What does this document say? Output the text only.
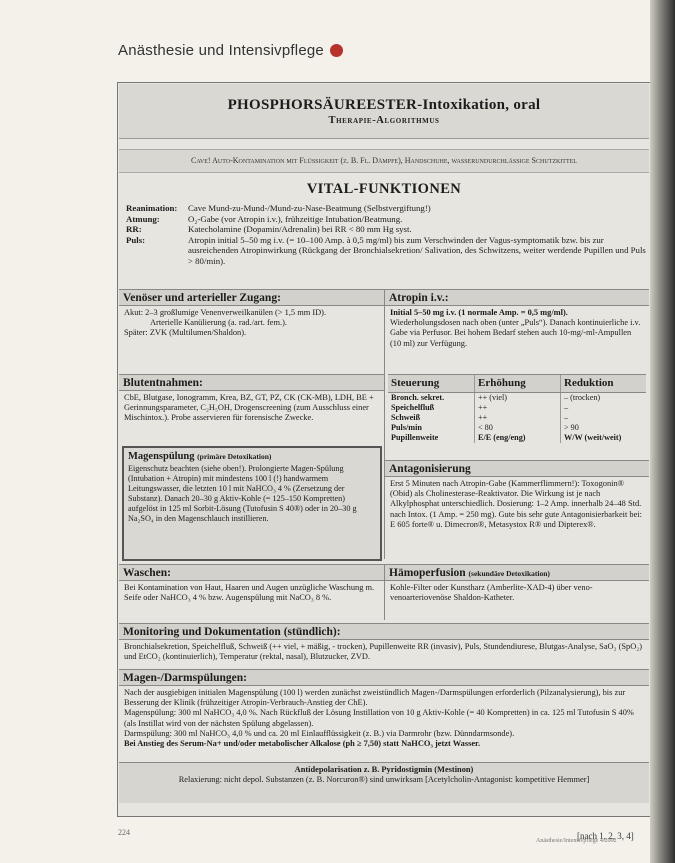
Anästhesie und Intensivpflege
PHOSPHORSÄUREESTER-Intoxikation, oral
Therapie-Algorithmus
Cave! Auto-Kontamination mit Flüssigkeit (z. B. Fl. Dämpfe), Handschuhe, wasserundurchlässige Schutzkittel
VITAL-FUNKTIONEN
Reanimation:	Cave Mund-zu-Mund-/Mund-zu-Nase-Beatmung (Selbstvergiftung!)
Atmung:	O₂-Gabe (vor Atropin i.v.), frühzeitige Intubation/Beatmung.
RR:	Katecholamine (Dopamin/Adrenalin) bei RR < 80 mm Hg syst.
Puls:	Atropin initial 5–50 mg i.v. (= 10–100 Amp. à 0,5 mg/ml) bis zum Verschwinden der Vagus-symptomatik bzw. bis zur ausreichenden Atropinwirkung (Rückgang der Bronchialsekretion/ Salivation, des Schwitzens, weiter werdende Pupillen und Puls > 80/min).
Venöser und arterieller Zugang:	Atropin i.v.:
Akut: 2–3 großlumige Venenverweilkanülen (> 1,5 mm ID).
Arterielle Kanülierung (a. rad./art. fem.).
Später: ZVK (Multilumen/Shaldon).
Initial 5–50 mg i.v. (1 normale Amp. = 0,5 mg/ml).
Wiederholungsdosen nach oben (unter „Puls“). Danach kontinuierliche i.v. Gabe via Perfusor. Bei hohem Bedarf stehen auch 10-mg/-ml-Ampullen (10 ml) zur Verfügung.
Blutentnahmen:
CbE, Blutgase, Ionogramm, Krea, BZ, GT, PZ, CK (CK-MB), LDH, BE + Gerinnungsparameter, C₂H₅OH, Drogenscreening (zum Ausschluss einer Mischintox.). Probe asservieren für forensische Zwecke.
Steuerung	Erhöhung	Reduktion
Bronch. sekret.	++ (viel)	– (trocken)
Speichelfluß	++	–
Schweiß	++	–
Puls/min	< 80	> 90
Pupillenweite	E/E (eng/eng)	W/W (weit/weit)
Magenspülung (primäre Detoxikation)
Eigenschutz beachten (siehe oben!). Prolongierte Magen-Spülung (Intubation + Atropin) mit mindestens 100 l (!) handwarmem Leitungswasser, die letzten 10 l mit NaHCO₃ 4 % (Zersetzung der Substanz). Danach 20–30 g Aktiv-Kohle (= 125–150 Kompretten) aufgelöst in 125 ml Sorbit-Lösung (Tutofusin S 40®) oder in 20–30 g Na₂SO₄ in den Magenschlauch instillieren.
Antagonisierung
Erst 5 Minuten nach Atropin-Gabe (Kammerflimmern!): Toxogonin® (Obid) als Cholinesterase-Reaktivator. Die Wirkung ist je nach Alkylphosphat unterschiedlich. Dosierung: 1–2 Amp. innerhalb 24–48 Std. nach Intox. (1 Amp. = 250 mg). Gute bis sehr gute Antagonisierbarkeit bei: E 605 forte® u. Dimecron®, Metasystox R® und Dipterex®.
Waschen:	Hämoperfusion (sekundäre Detoxikation)
Bei Kontamination von Haut, Haaren und Augen unzügliche Waschung m. Seife oder NaHCO₃ 4 % bzw. Augenspülung mit NaCO₃ 8 %.
Kohle-Filter oder Kunstharz (Amberlite-XAD-4) über veno-venoarteriovenöse Shaldon-Katheter.
Monitoring und Dokumentation (stündlich):
Bronchialsekretion, Speichelfluß, Schweiß (++ viel, + mäßig, - trocken), Pupillenweite RR (invasiv), Puls, Stundendiurese, Blutgas-Analyse, SaO₂ (SpO₂) und EtCO₂ (kontinuierlich), Temperatur (rektal, nasal), Blutzucker, ZVD.
Magen-/Darmspülungen:
Nach der ausgiebigen initialen Magenspülung (100 l) werden zunächst zweistündlich Magen-/Darmspülungen erforderlich (Pilzanalysierung), bis zur Besserung der Klinik (frühzeitiger Atropin-Verbrauch-Anstieg der ChE).
Magenspülung: 300 ml NaHCO₃ 4,0 %. Nach Rückfluß der Lösung Instillation von 10 g Aktiv-Kohle (= 40 Kompretten) in ca. 125 ml Tutofusin S 40% (als Instillat wird von der nächsten Spülung abgelassen).
Darmspülung: 300 ml NaHCO₃ 4,0 % und ca. 20 ml Einlaufflüssigkeit (z. B.) via Darmrohr (bzw. Dünndarmsonde).
Bei Anstieg des Serum-Na+ und/oder metabolischer Alkalose (ph ≥ 7,50) statt NaHCO₃ jetzt Wasser.
Antidepolarisation z. B. Pyridostigmin (Mestinon)
Relaxierung: nicht depol. Substanzen (z. B. Norcuron®) sind unwirksam [Acetylcholin-Antagonist: kompetitive Hemmer]
[nach 1, 2, 3, 4]
224
Anästhesie/Intensivpflege 4/2002
